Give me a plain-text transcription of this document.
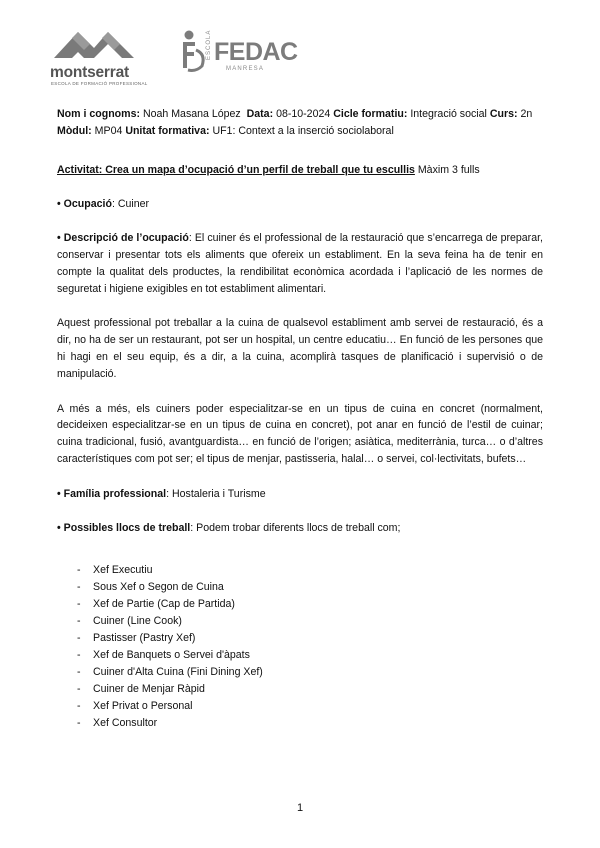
montserrat
ESCOLA DE FORMACIÓ PROFESSIONAL
ESCOLA FEDAC
MANRESA
Nom i cognoms: Noah Masana López Data: 08-10-2024 Cicle formatiu: Integració social Curs: 2n
Mòdul: MP04 Unitat formativa: UF1: Context a la inserció sociolaboral
Activitat: Crea un mapa d’ocupació d’un perfil de treball que tu escullis Màxim 3 fulls

• Ocupació: Cuiner

• Descripció de l’ocupació: El cuiner és el professional de la restauració que s’encarrega de preparar, conservar i presentar tots els aliments que ofereix un establiment. En la seva feina ha de tenir en compte la qualitat dels productes, la rendibilitat econòmica acordada i l’aplicació de les normes de seguretat i higiene exigibles en tot establiment alimentari.

Aquest professional pot treballar a la cuina de qualsevol establiment amb servei de restauració, és a dir, no ha de ser un restaurant, pot ser un hospital, un centre educatiu… En funció de les persones que hi hagi en el seu equip, és a dir, a la cuina, acomplirà tasques de planificació i supervisió o de manipulació.

A més a més, els cuiners poder especialitzar-se en un tipus de cuina en concret (normalment, decideixen especialitzar-se en un tipus de cuina en concret), pot anar en funció de l’estil de cuinar; cuina tradicional, fusió, avantguardista… en funció de l’origen; asiàtica, mediterrània, turca… o d’altres característiques com pot ser; el tipus de menjar, pastisseria, halal… o servei, col·lectivitats, bufets…

• Família professional: Hostaleria i Turisme

• Possibles llocs de treball: Podem trobar diferents llocs de treball com;

- Xef Executiu
- Sous Xef o Segon de Cuina
- Xef de Partie (Cap de Partida)
- Cuiner (Line Cook)
- Pastisser (Pastry Xef)
- Xef de Banquets o Servei d'àpats
- Cuiner d'Alta Cuina (Fini Dining Xef)
- Cuiner de Menjar Ràpid
- Xef Privat o Personal
- Xef Consultor
1
